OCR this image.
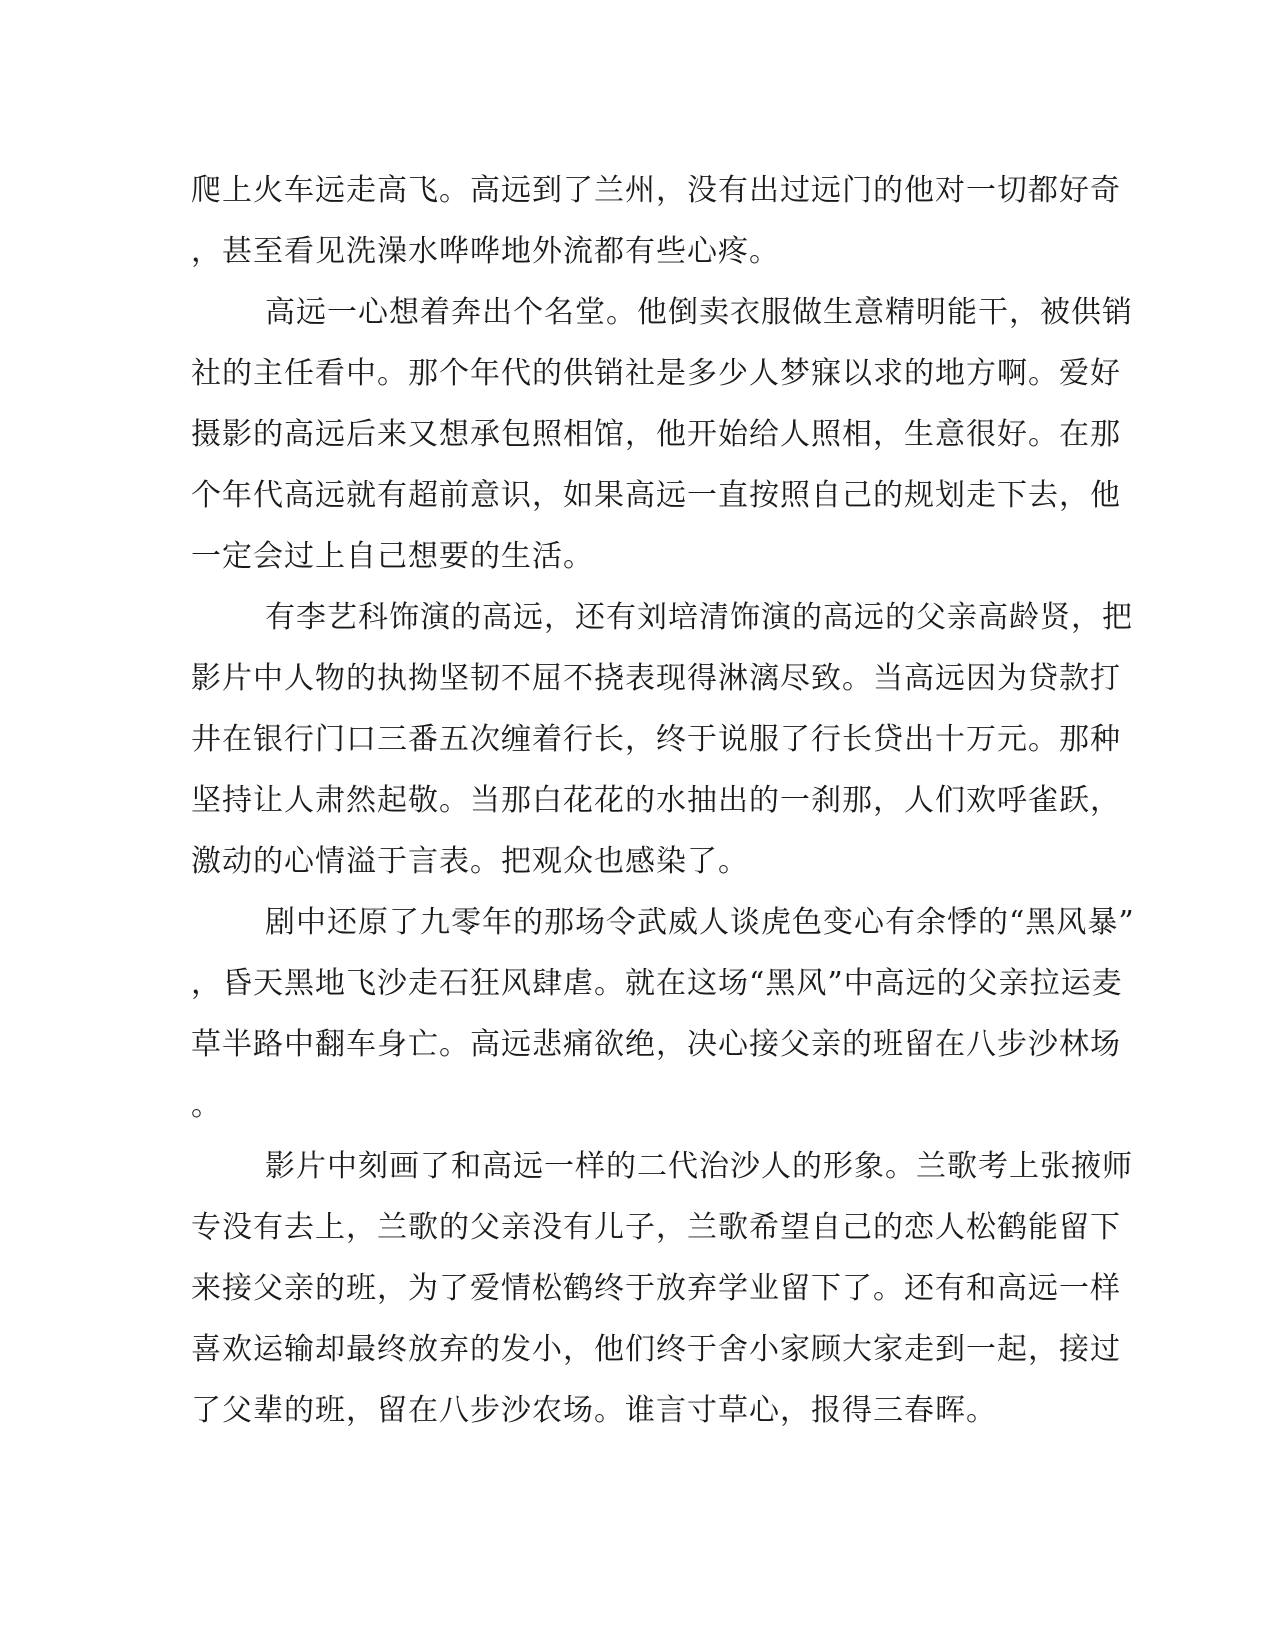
爬上火车远走高飞。高远到了兰州，没有出过远门的他对一切都好奇
，甚至看见洗澡水哗哗地外流都有些心疼。
高远一心想着奔出个名堂。他倒卖衣服做生意精明能干，被供销
社的主任看中。那个年代的供销社是多少人梦寐以求的地方啊。爱好
摄影的高远后来又想承包照相馆，他开始给人照相，生意很好。在那
个年代高远就有超前意识，如果高远一直按照自己的规划走下去，他
一定会过上自己想要的生活。
有李艺科饰演的高远，还有刘培清饰演的高远的父亲高龄贤，把
影片中人物的执拗坚韧不屈不挠表现得淋漓尽致。当高远因为贷款打
井在银行门口三番五次缠着行长，终于说服了行长贷出十万元。那种
坚持让人肃然起敬。当那白花花的水抽出的一刹那，人们欢呼雀跃，
激动的心情溢于言表。把观众也感染了。
剧中还原了九零年的那场令武威人谈虎色变心有余悸的“黑风暴”
，昏天黑地飞沙走石狂风肆虐。就在这场“黑风”中高远的父亲拉运麦
草半路中翻车身亡。高远悲痛欲绝，决心接父亲的班留在八步沙林场
。
影片中刻画了和高远一样的二代治沙人的形象。兰歌考上张掖师
专没有去上，兰歌的父亲没有儿子，兰歌希望自己的恋人松鹤能留下
来接父亲的班，为了爱情松鹤终于放弃学业留下了。还有和高远一样
喜欢运输却最终放弃的发小，他们终于舍小家顾大家走到一起，接过
了父辈的班，留在八步沙农场。谁言寸草心，报得三春晖。
